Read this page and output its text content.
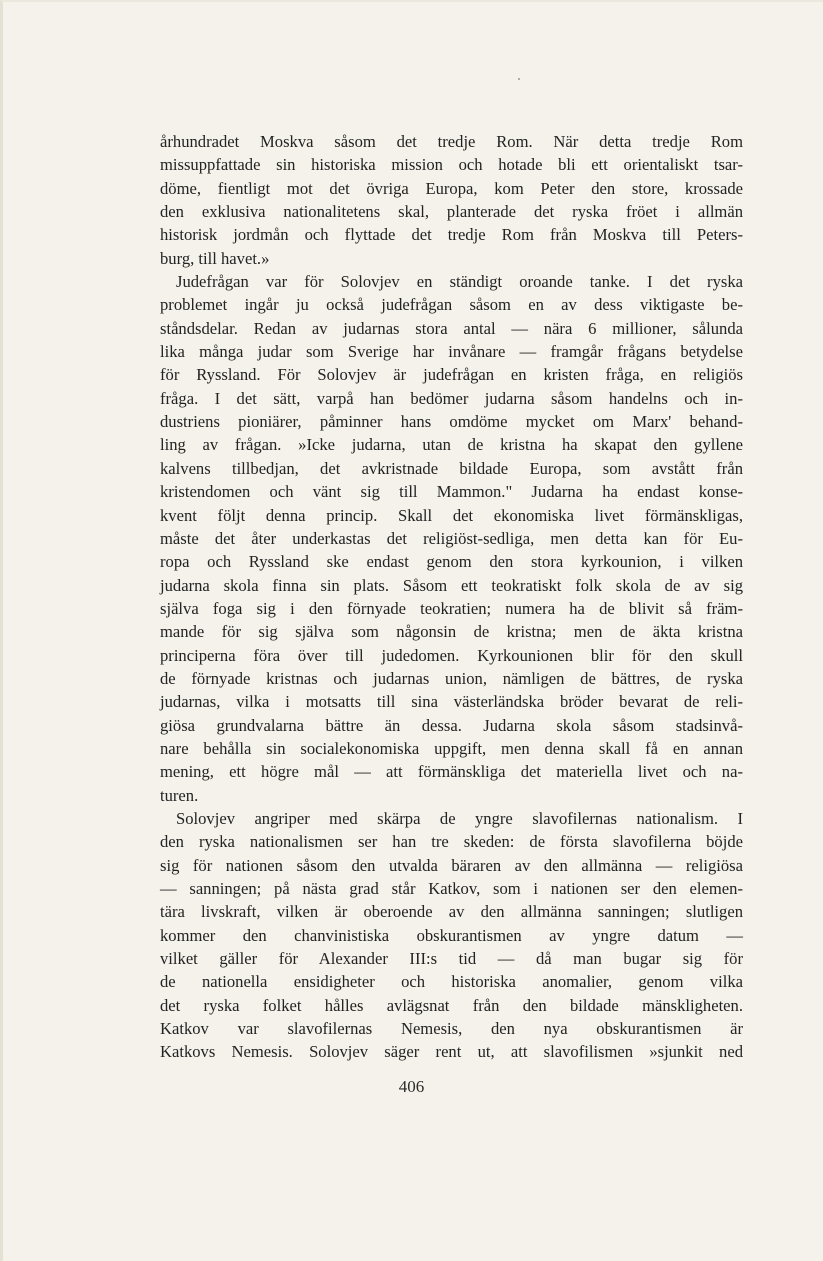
århundradet Moskva såsom det tredje Rom. När detta tredje Rom
missuppfattade sin historiska mission och hotade bli ett orientaliskt tsar-
döme, fientligt mot det övriga Europa, kom Peter den store, krossade
den exklusiva nationalitetens skal, planterade det ryska fröet i allmän
historisk jordmån och flyttade det tredje Rom från Moskva till Peters-
burg, till havet.»
Judefrågan var för Solovjev en ständigt oroande tanke. I det ryska
problemet ingår ju också judefrågan såsom en av dess viktigaste be-
ståndsdelar. Redan av judarnas stora antal — nära 6 millioner, sålunda
lika många judar som Sverige har invånare — framgår frågans betydelse
för Ryssland. För Solovjev är judefrågan en kristen fråga, en religiös
fråga. I det sätt, varpå han bedömer judarna såsom handelns och in-
dustriens pioniärer, påminner hans omdöme mycket om Marx' behand-
ling av frågan. »Icke judarna, utan de kristna ha skapat den gyllene
kalvens tillbedjan, det avkristnade bildade Europa, som avstått från
kristendomen och vänt sig till Mammon." Judarna ha endast konse-
kvent följt denna princip. Skall det ekonomiska livet förmänskligas,
måste det åter underkastas det religiöst-sedliga, men detta kan för Eu-
ropa och Ryssland ske endast genom den stora kyrkounion, i vilken
judarna skola finna sin plats. Såsom ett teokratiskt folk skola de av sig
själva foga sig i den förnyade teokratien; numera ha de blivit så främ-
mande för sig själva som någonsin de kristna; men de äkta kristna
principerna föra över till judedomen. Kyrkounionen blir för den skull
de förnyade kristnas och judarnas union, nämligen de bättres, de ryska
judarnas, vilka i motsatts till sina västerländska bröder bevarat de reli-
giösa grundvalarna bättre än dessa. Judarna skola såsom stadsinvå-
nare behålla sin socialekonomiska uppgift, men denna skall få en annan
mening, ett högre mål — att förmänskliga det materiella livet och na-
turen.
Solovjev angriper med skärpa de yngre slavofilernas nationalism. I
den ryska nationalismen ser han tre skeden: de första slavofilerna böjde
sig för nationen såsom den utvalda bäraren av den allmänna — religiösa
— sanningen; på nästa grad står Katkov, som i nationen ser den elemen-
tära livskraft, vilken är oberoende av den allmänna sanningen; slutligen
kommer den chanvinistiska obskurantismen av yngre datum —
vilket gäller för Alexander III:s tid — då man bugar sig för
de nationella ensidigheter och historiska anomalier, genom vilka
det ryska folket hålles avlägsnat från den bildade mänskligheten.
Katkov var slavofilernas Nemesis, den nya obskurantismen är
Katkovs Nemesis. Solovjev säger rent ut, att slavofilismen »sjunkit ned
406
